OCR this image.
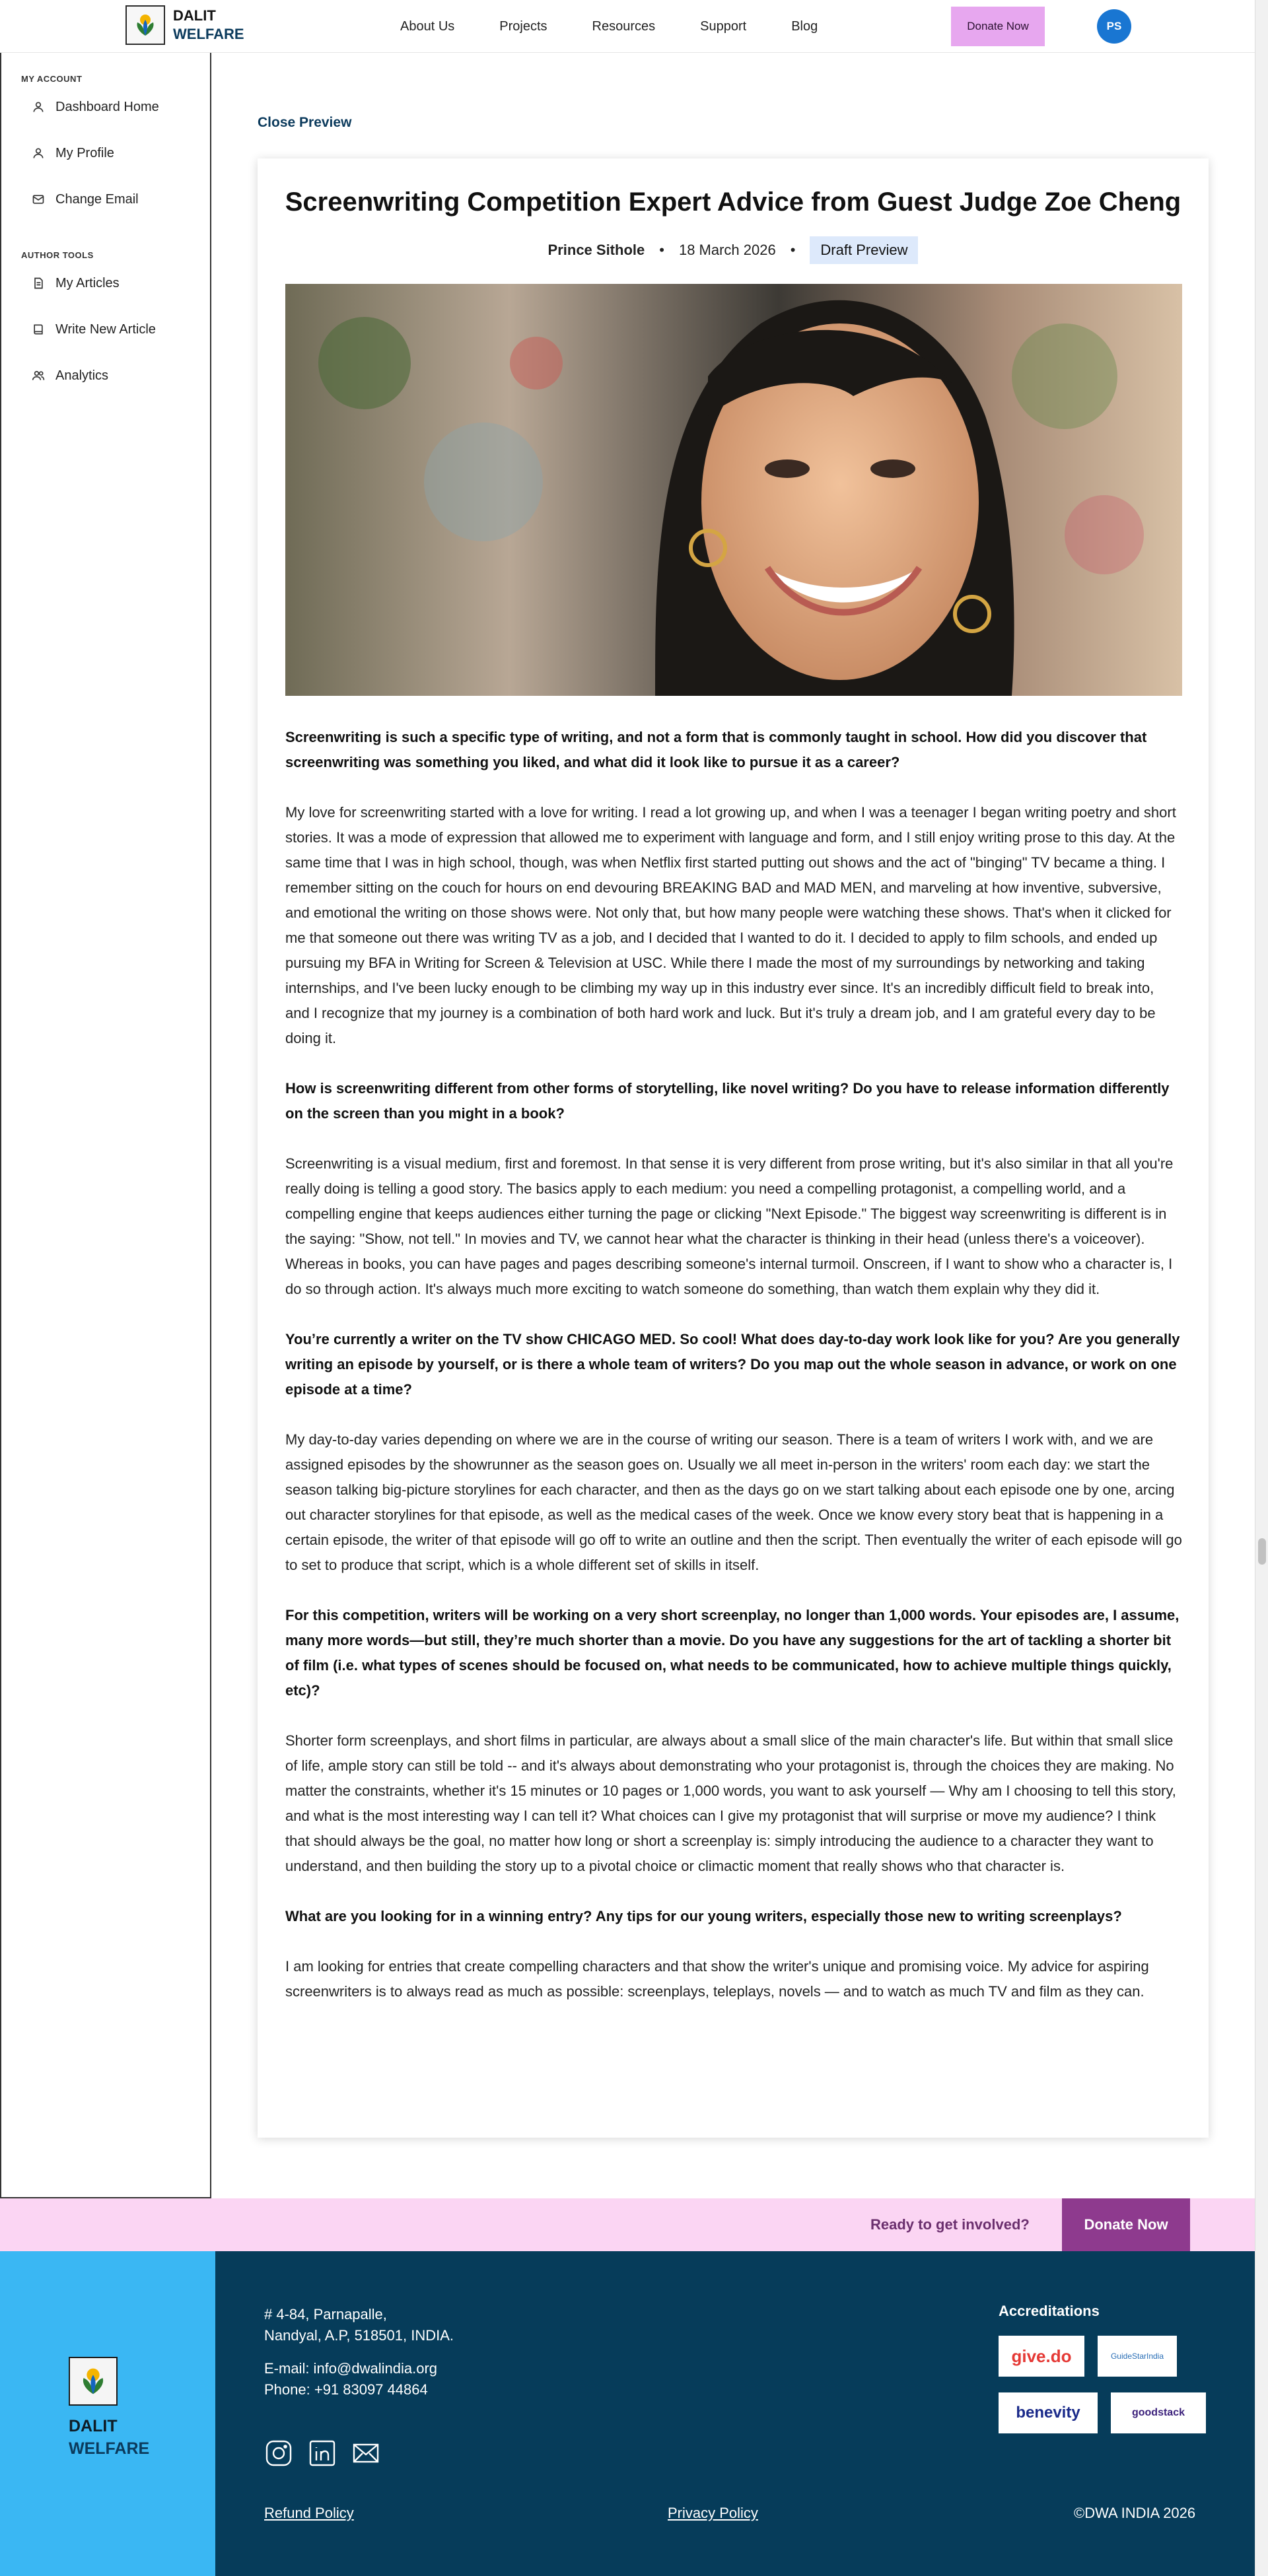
DALIT
WELFARE	About Us	Projects	Resources	Support	Blog	Donate Now	PS
MY ACCOUNT
Dashboard Home
My Profile
Change Email
AUTHOR TOOLS
My Articles
Write New Article
Analytics
Close Preview
Screenwriting Competition Expert Advice from Guest Judge Zoe Cheng
Prince Sithole • 18 March 2026 •	Draft Preview

Screenwriting is such a specific type of writing, and not a form that is commonly taught in school. How did you discover that screenwriting was something you liked, and what did it look like to pursue it as a career?

My love for screenwriting started with a love for writing. I read a lot growing up, and when I was a teenager I began writing poetry and short stories. It was a mode of expression that allowed me to experiment with language and form, and I still enjoy writing prose to this day. At the same time that I was in high school, though, was when Netflix first started putting out shows and the act of "binging" TV became a thing. I remember sitting on the couch for hours on end devouring BREAKING BAD and MAD MEN, and marveling at how inventive, subversive, and emotional the writing on those shows were. Not only that, but how many people were watching these shows. That's when it clicked for me that someone out there was writing TV as a job, and I decided that I wanted to do it. I decided to apply to film schools, and ended up pursuing my BFA in Writing for Screen & Television at USC. While there I made the most of my surroundings by networking and taking internships, and I've been lucky enough to be climbing my way up in this industry ever since. It's an incredibly difficult field to break into, and I recognize that my journey is a combination of both hard work and luck. But it's truly a dream job, and I am grateful every day to be doing it.

How is screenwriting different from other forms of storytelling, like novel writing? Do you have to release information differently on the screen than you might in a book?

Screenwriting is a visual medium, first and foremost. In that sense it is very different from prose writing, but it's also similar in that all you're really doing is telling a good story. The basics apply to each medium: you need a compelling protagonist, a compelling world, and a compelling engine that keeps audiences either turning the page or clicking "Next Episode." The biggest way screenwriting is different is in the saying: "Show, not tell." In movies and TV, we cannot hear what the character is thinking in their head (unless there's a voiceover). Whereas in books, you can have pages and pages describing someone's internal turmoil. Onscreen, if I want to show who a character is, I do so through action. It's always much more exciting to watch someone do something, than watch them explain why they did it.

You’re currently a writer on the TV show CHICAGO MED. So cool! What does day-to-day work look like for you? Are you generally writing an episode by yourself, or is there a whole team of writers? Do you map out the whole season in advance, or work on one episode at a time?

My day-to-day varies depending on where we are in the course of writing our season. There is a team of writers I work with, and we are assigned episodes by the showrunner as the season goes on. Usually we all meet in-person in the writers' room each day: we start the season talking big-picture storylines for each character, and then as the days go on we start talking about each episode one by one, arcing out character storylines for that episode, as well as the medical cases of the week. Once we know every story beat that is happening in a certain episode, the writer of that episode will go off to write an outline and then the script. Then eventually the writer of each episode will go to set to produce that script, which is a whole different set of skills in itself.

For this competition, writers will be working on a very short screenplay, no longer than 1,000 words. Your episodes are, I assume, many more words—but still, they’re much shorter than a movie. Do you have any suggestions for the art of tackling a shorter bit of film (i.e. what types of scenes should be focused on, what needs to be communicated, how to achieve multiple things quickly, etc)?

Shorter form screenplays, and short films in particular, are always about a small slice of the main character's life. But within that small slice of life, ample story can still be told -- and it's always about demonstrating who your protagonist is, through the choices they are making. No matter the constraints, whether it's 15 minutes or 10 pages or 1,000 words, you want to ask yourself — Why am I choosing to tell this story, and what is the most interesting way I can tell it? What choices can I give my protagonist that will surprise or move my audience? I think that should always be the goal, no matter how long or short a screenplay is: simply introducing the audience to a character they want to understand, and then building the story up to a pivotal choice or climactic moment that really shows who that character is.

What are you looking for in a winning entry? Any tips for our young writers, especially those new to writing screenplays?

I am looking for entries that create compelling characters and that show the writer's unique and promising voice. My advice for aspiring screenwriters is to always read as much as possible: screenplays, teleplays, novels — and to watch as much TV and film as they can.

Ready to get involved?	Donate Now
DALIT
WELFARE
# 4-84, Parnapalle,
Nandyal, A.P, 518501, INDIA.
E-mail: info@dwalindia.org
Phone: +91 83097 44864
Refund Policy	Privacy Policy	©DWA INDIA 2026
Accreditations
give.do	GuideStarIndia
benevity	goodstack
